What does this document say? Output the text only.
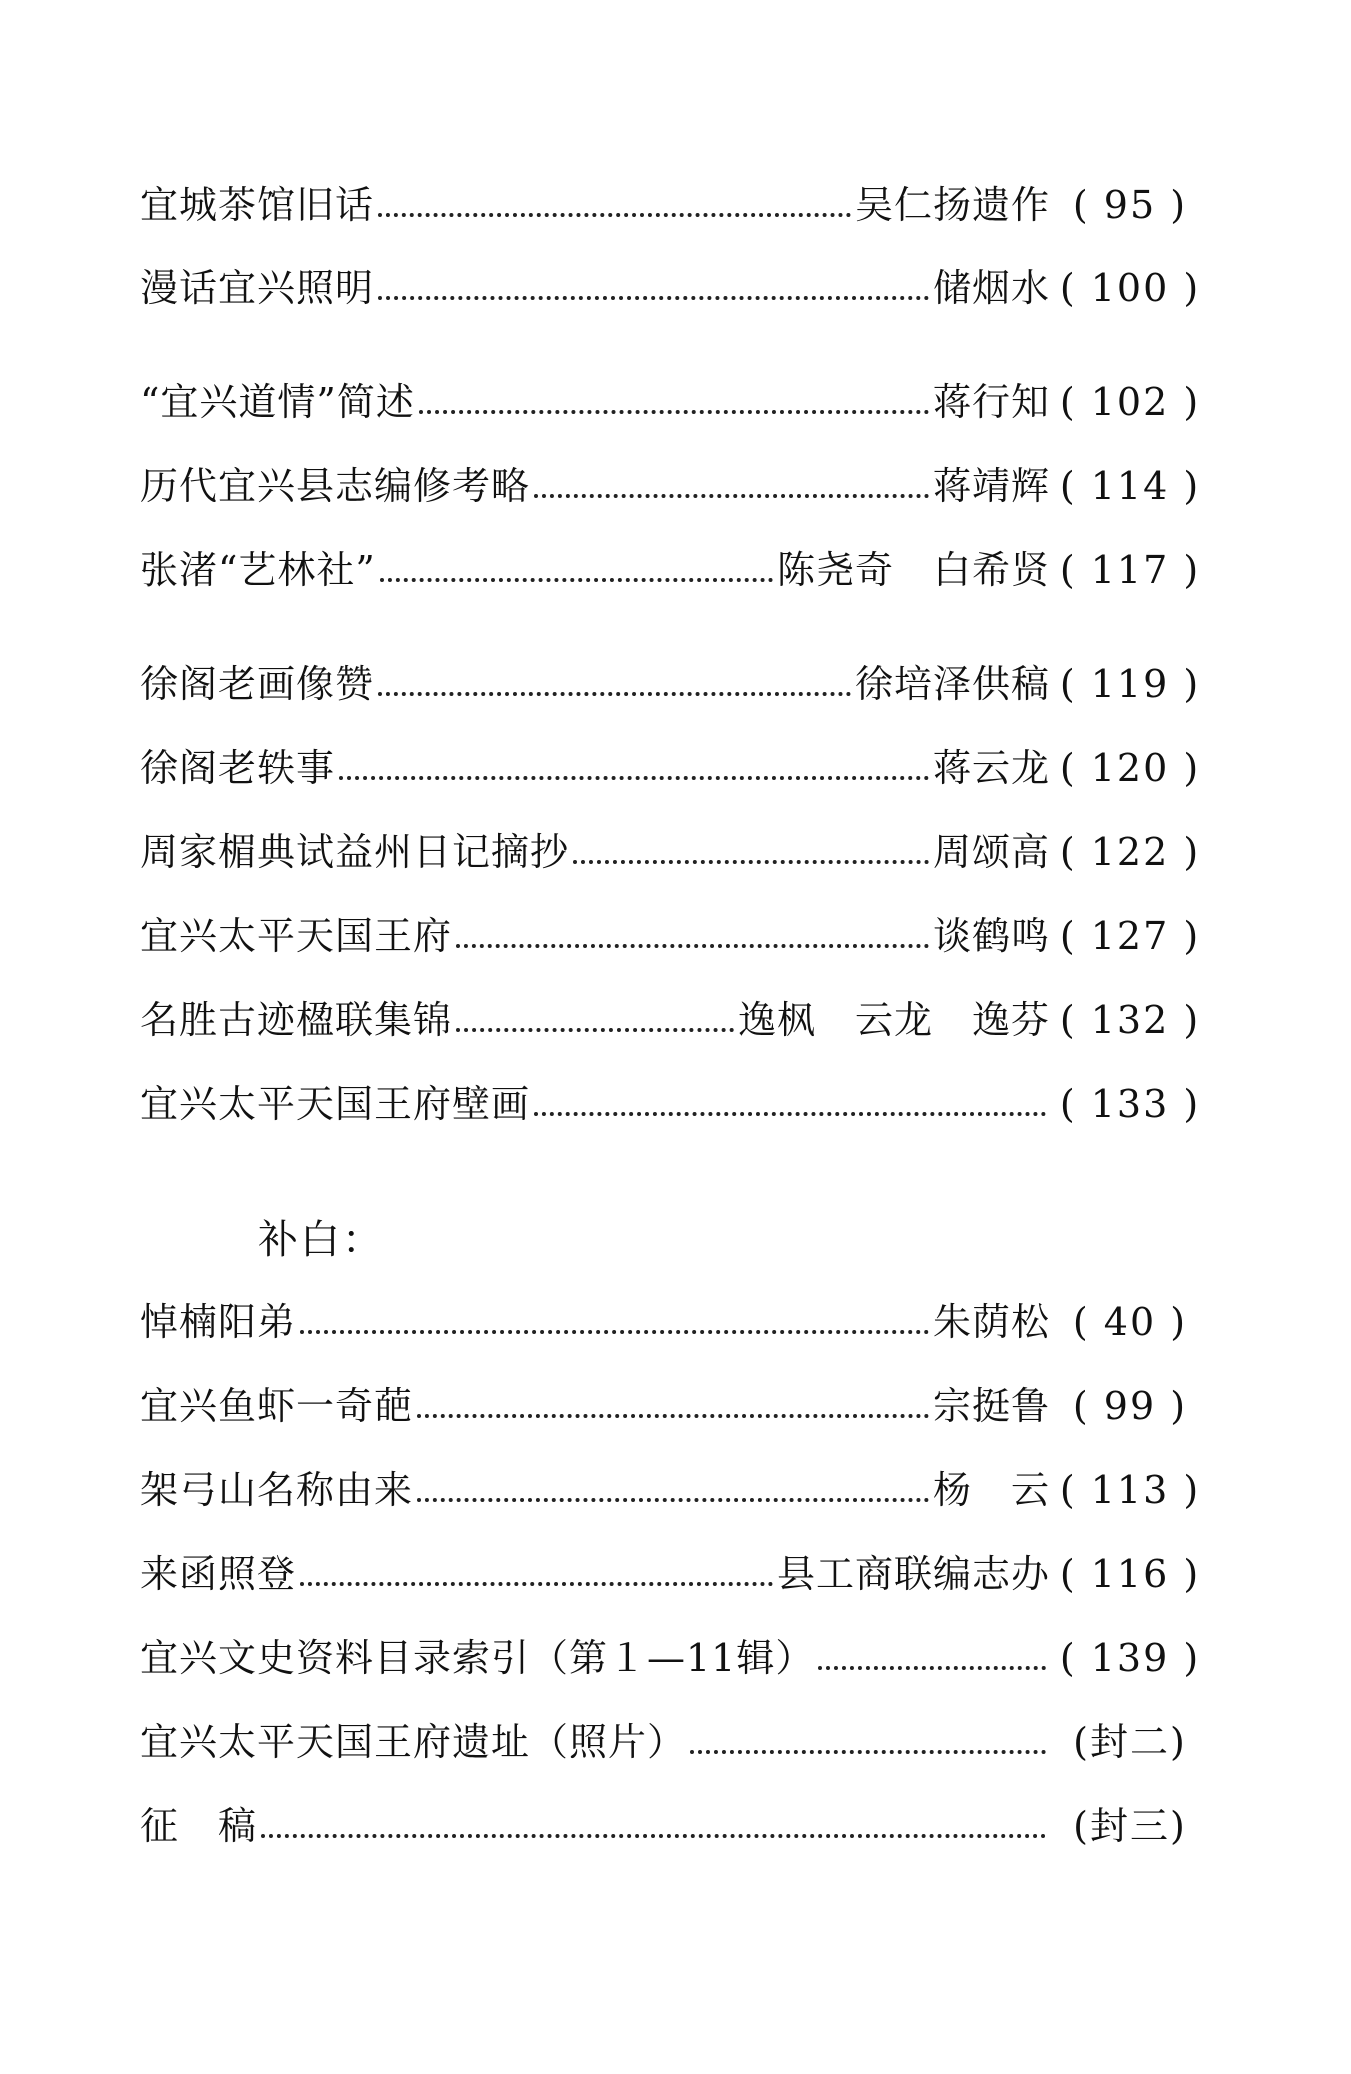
宜城茶馆旧话	吴仁扬遗作 ( 95 )
漫话宜兴照明	储烟水 ( 100 )
“宜兴道情”简述	蒋行知 ( 102 )
历代宜兴县志编修考略	蒋靖辉 ( 114 )
张渚“艺林社”	陈尧奇　白希贤 ( 117 )
徐阁老画像赞	徐培泽供稿 ( 119 )
徐阁老轶事	蒋云龙 ( 120 )
周家楣典试益州日记摘抄	周颂高 ( 122 )
宜兴太平天国王府	谈鹤鸣 ( 127 )
名胜古迹楹联集锦	逸枫　云龙　逸芬 ( 132 )
宜兴太平天国王府壁画	( 133 )
补白：
悼楠阳弟	朱荫松 ( 40 )
宜兴鱼虾一奇葩	宗挺鲁 ( 99 )
架弓山名称由来	杨　云 ( 113 )
来函照登	县工商联编志办 ( 116 )
宜兴文史资料目录索引（第１—11辑）	( 139 )
宜兴太平天国王府遗址（照片）	(封二)
征　稿	(封三)
